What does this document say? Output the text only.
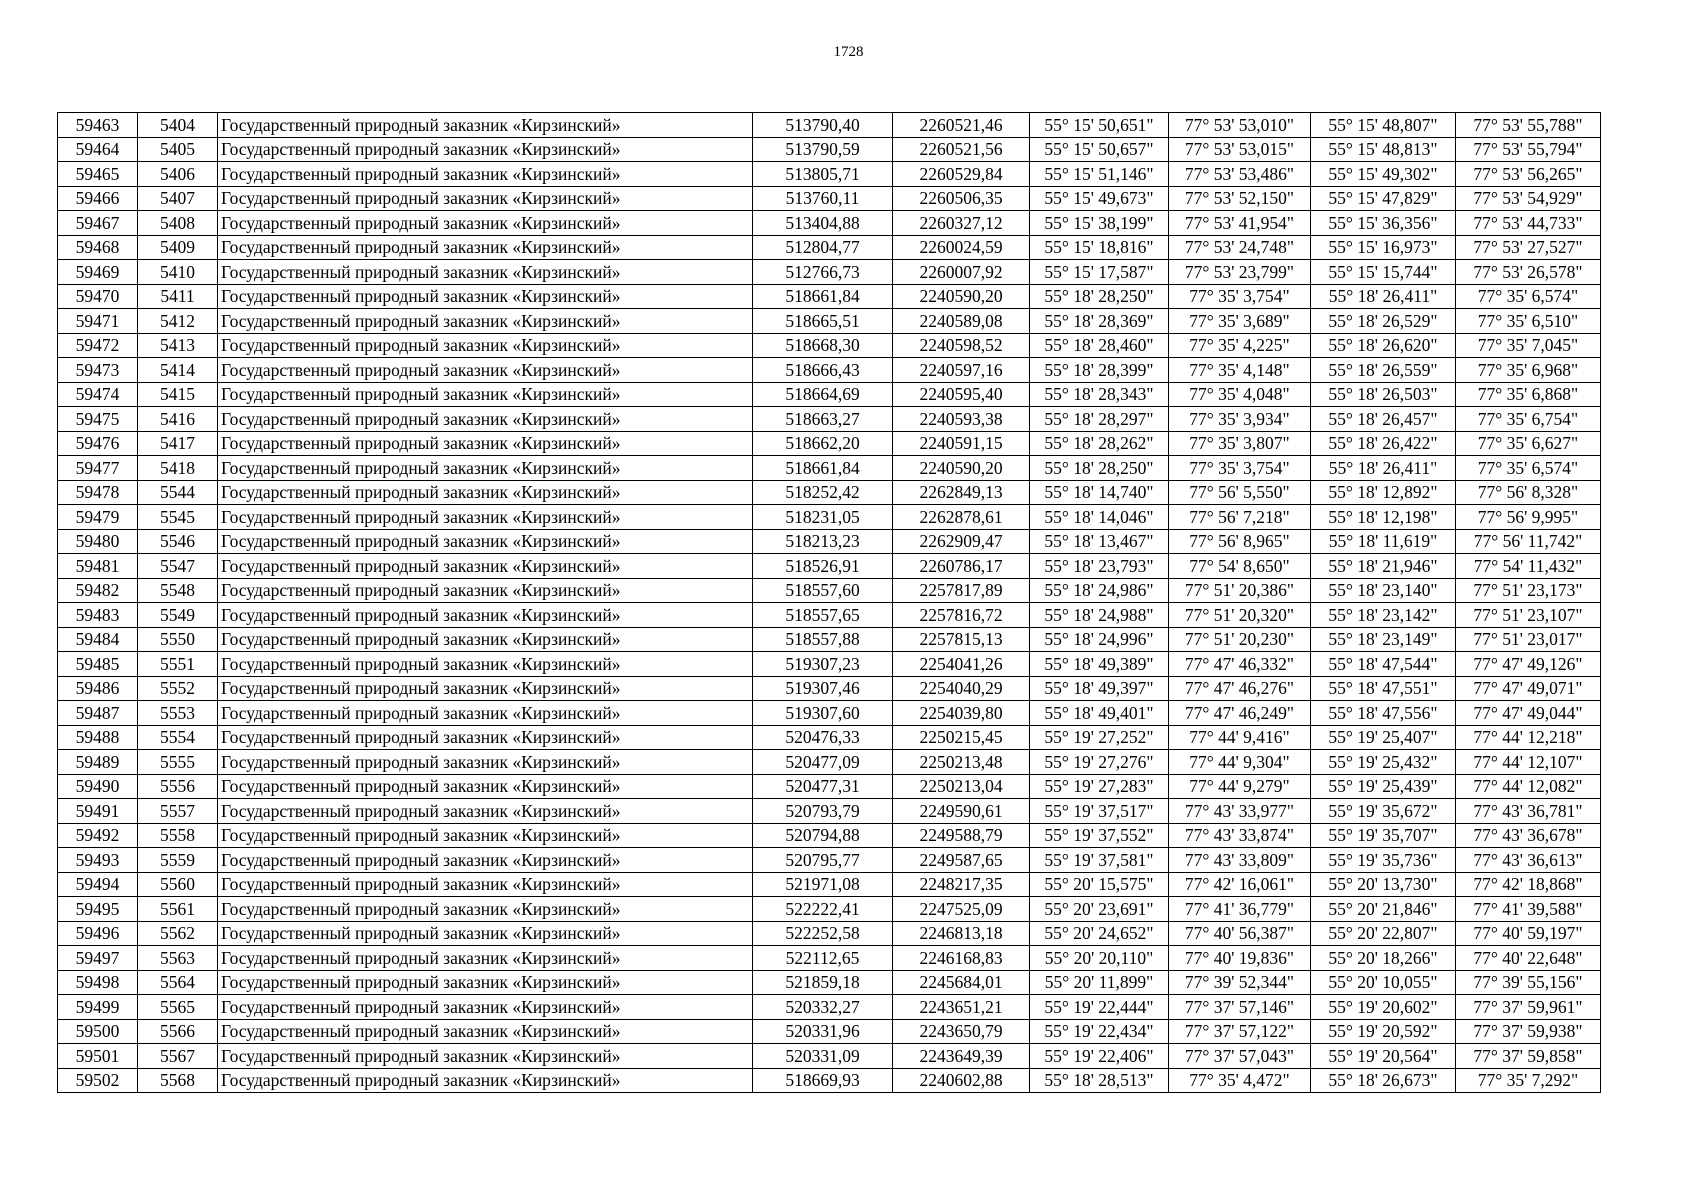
1728
59463	5404	Государственный природный заказник «Кирзинский»	513790,40	2260521,46	55° 15' 50,651"	77° 53' 53,010"	55° 15' 48,807"	77° 53' 55,788"
59464	5405	Государственный природный заказник «Кирзинский»	513790,59	2260521,56	55° 15' 50,657"	77° 53' 53,015"	55° 15' 48,813"	77° 53' 55,794"
59465	5406	Государственный природный заказник «Кирзинский»	513805,71	2260529,84	55° 15' 51,146"	77° 53' 53,486"	55° 15' 49,302"	77° 53' 56,265"
59466	5407	Государственный природный заказник «Кирзинский»	513760,11	2260506,35	55° 15' 49,673"	77° 53' 52,150"	55° 15' 47,829"	77° 53' 54,929"
59467	5408	Государственный природный заказник «Кирзинский»	513404,88	2260327,12	55° 15' 38,199"	77° 53' 41,954"	55° 15' 36,356"	77° 53' 44,733"
59468	5409	Государственный природный заказник «Кирзинский»	512804,77	2260024,59	55° 15' 18,816"	77° 53' 24,748"	55° 15' 16,973"	77° 53' 27,527"
59469	5410	Государственный природный заказник «Кирзинский»	512766,73	2260007,92	55° 15' 17,587"	77° 53' 23,799"	55° 15' 15,744"	77° 53' 26,578"
59470	5411	Государственный природный заказник «Кирзинский»	518661,84	2240590,20	55° 18' 28,250"	77° 35' 3,754"	55° 18' 26,411"	77° 35' 6,574"
59471	5412	Государственный природный заказник «Кирзинский»	518665,51	2240589,08	55° 18' 28,369"	77° 35' 3,689"	55° 18' 26,529"	77° 35' 6,510"
59472	5413	Государственный природный заказник «Кирзинский»	518668,30	2240598,52	55° 18' 28,460"	77° 35' 4,225"	55° 18' 26,620"	77° 35' 7,045"
59473	5414	Государственный природный заказник «Кирзинский»	518666,43	2240597,16	55° 18' 28,399"	77° 35' 4,148"	55° 18' 26,559"	77° 35' 6,968"
59474	5415	Государственный природный заказник «Кирзинский»	518664,69	2240595,40	55° 18' 28,343"	77° 35' 4,048"	55° 18' 26,503"	77° 35' 6,868"
59475	5416	Государственный природный заказник «Кирзинский»	518663,27	2240593,38	55° 18' 28,297"	77° 35' 3,934"	55° 18' 26,457"	77° 35' 6,754"
59476	5417	Государственный природный заказник «Кирзинский»	518662,20	2240591,15	55° 18' 28,262"	77° 35' 3,807"	55° 18' 26,422"	77° 35' 6,627"
59477	5418	Государственный природный заказник «Кирзинский»	518661,84	2240590,20	55° 18' 28,250"	77° 35' 3,754"	55° 18' 26,411"	77° 35' 6,574"
59478	5544	Государственный природный заказник «Кирзинский»	518252,42	2262849,13	55° 18' 14,740"	77° 56' 5,550"	55° 18' 12,892"	77° 56' 8,328"
59479	5545	Государственный природный заказник «Кирзинский»	518231,05	2262878,61	55° 18' 14,046"	77° 56' 7,218"	55° 18' 12,198"	77° 56' 9,995"
59480	5546	Государственный природный заказник «Кирзинский»	518213,23	2262909,47	55° 18' 13,467"	77° 56' 8,965"	55° 18' 11,619"	77° 56' 11,742"
59481	5547	Государственный природный заказник «Кирзинский»	518526,91	2260786,17	55° 18' 23,793"	77° 54' 8,650"	55° 18' 21,946"	77° 54' 11,432"
59482	5548	Государственный природный заказник «Кирзинский»	518557,60	2257817,89	55° 18' 24,986"	77° 51' 20,386"	55° 18' 23,140"	77° 51' 23,173"
59483	5549	Государственный природный заказник «Кирзинский»	518557,65	2257816,72	55° 18' 24,988"	77° 51' 20,320"	55° 18' 23,142"	77° 51' 23,107"
59484	5550	Государственный природный заказник «Кирзинский»	518557,88	2257815,13	55° 18' 24,996"	77° 51' 20,230"	55° 18' 23,149"	77° 51' 23,017"
59485	5551	Государственный природный заказник «Кирзинский»	519307,23	2254041,26	55° 18' 49,389"	77° 47' 46,332"	55° 18' 47,544"	77° 47' 49,126"
59486	5552	Государственный природный заказник «Кирзинский»	519307,46	2254040,29	55° 18' 49,397"	77° 47' 46,276"	55° 18' 47,551"	77° 47' 49,071"
59487	5553	Государственный природный заказник «Кирзинский»	519307,60	2254039,80	55° 18' 49,401"	77° 47' 46,249"	55° 18' 47,556"	77° 47' 49,044"
59488	5554	Государственный природный заказник «Кирзинский»	520476,33	2250215,45	55° 19' 27,252"	77° 44' 9,416"	55° 19' 25,407"	77° 44' 12,218"
59489	5555	Государственный природный заказник «Кирзинский»	520477,09	2250213,48	55° 19' 27,276"	77° 44' 9,304"	55° 19' 25,432"	77° 44' 12,107"
59490	5556	Государственный природный заказник «Кирзинский»	520477,31	2250213,04	55° 19' 27,283"	77° 44' 9,279"	55° 19' 25,439"	77° 44' 12,082"
59491	5557	Государственный природный заказник «Кирзинский»	520793,79	2249590,61	55° 19' 37,517"	77° 43' 33,977"	55° 19' 35,672"	77° 43' 36,781"
59492	5558	Государственный природный заказник «Кирзинский»	520794,88	2249588,79	55° 19' 37,552"	77° 43' 33,874"	55° 19' 35,707"	77° 43' 36,678"
59493	5559	Государственный природный заказник «Кирзинский»	520795,77	2249587,65	55° 19' 37,581"	77° 43' 33,809"	55° 19' 35,736"	77° 43' 36,613"
59494	5560	Государственный природный заказник «Кирзинский»	521971,08	2248217,35	55° 20' 15,575"	77° 42' 16,061"	55° 20' 13,730"	77° 42' 18,868"
59495	5561	Государственный природный заказник «Кирзинский»	522222,41	2247525,09	55° 20' 23,691"	77° 41' 36,779"	55° 20' 21,846"	77° 41' 39,588"
59496	5562	Государственный природный заказник «Кирзинский»	522252,58	2246813,18	55° 20' 24,652"	77° 40' 56,387"	55° 20' 22,807"	77° 40' 59,197"
59497	5563	Государственный природный заказник «Кирзинский»	522112,65	2246168,83	55° 20' 20,110"	77° 40' 19,836"	55° 20' 18,266"	77° 40' 22,648"
59498	5564	Государственный природный заказник «Кирзинский»	521859,18	2245684,01	55° 20' 11,899"	77° 39' 52,344"	55° 20' 10,055"	77° 39' 55,156"
59499	5565	Государственный природный заказник «Кирзинский»	520332,27	2243651,21	55° 19' 22,444"	77° 37' 57,146"	55° 19' 20,602"	77° 37' 59,961"
59500	5566	Государственный природный заказник «Кирзинский»	520331,96	2243650,79	55° 19' 22,434"	77° 37' 57,122"	55° 19' 20,592"	77° 37' 59,938"
59501	5567	Государственный природный заказник «Кирзинский»	520331,09	2243649,39	55° 19' 22,406"	77° 37' 57,043"	55° 19' 20,564"	77° 37' 59,858"
59502	5568	Государственный природный заказник «Кирзинский»	518669,93	2240602,88	55° 18' 28,513"	77° 35' 4,472"	55° 18' 26,673"	77° 35' 7,292"
